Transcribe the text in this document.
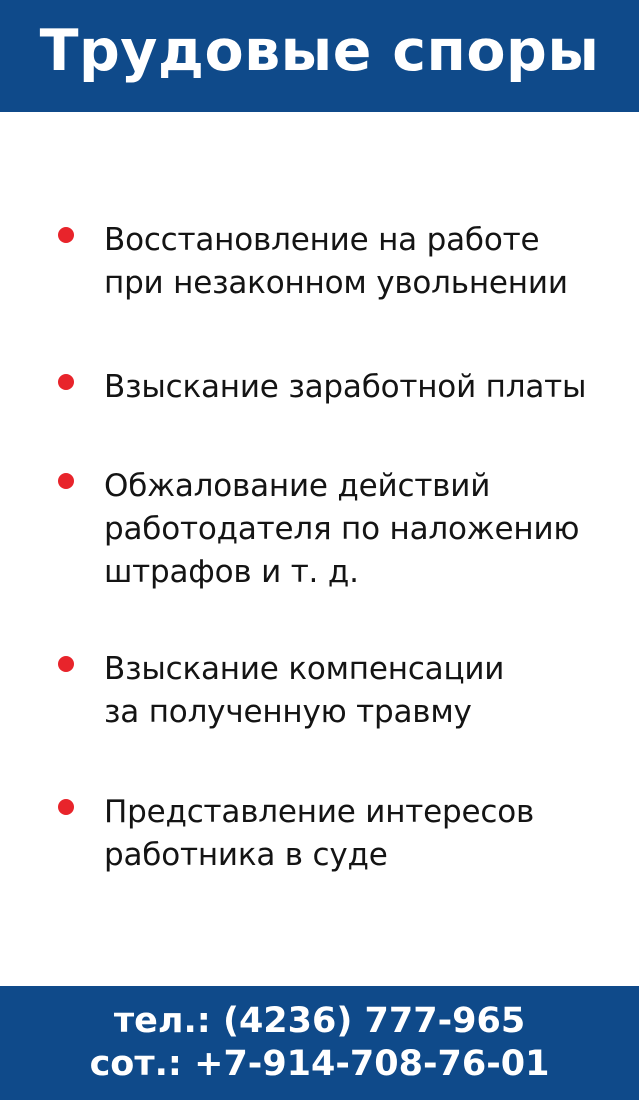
Трудовые споры

Восстановление на работе
при незаконном увольнении

Взыскание заработной платы

Обжалование действий
работодателя по наложению
штрафов и т. д.

Взыскание компенсации
за полученную травму

Представление интересов
работника в суде

тел.: (4236) 777-965

сот.: +7-914-708-76-01
